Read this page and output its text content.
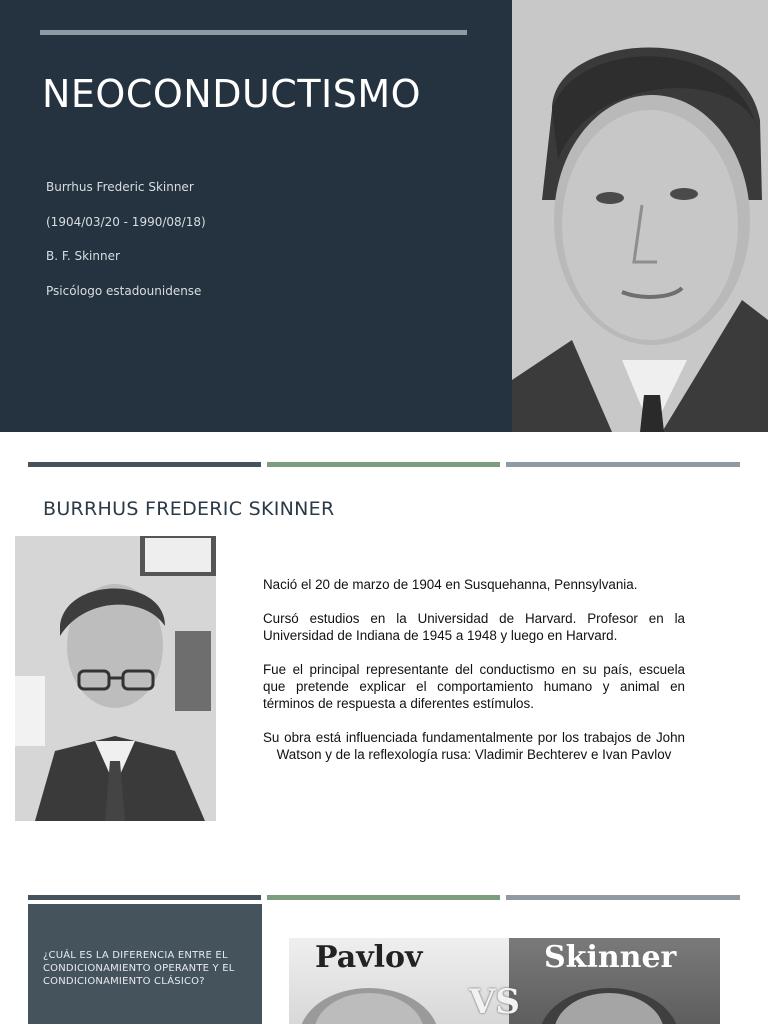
NEOCONDUCTISMO
Burrhus Frederic Skinner
(1904/03/20 - 1990/08/18)
B. F. Skinner
Psicólogo estadounidense
BURRHUS FREDERIC SKINNER

Nació el 20 de marzo de 1904 en Susquehanna, Pennsylvania.

Cursó estudios en la Universidad de Harvard. Profesor en la Universidad de Indiana de 1945 a 1948 y luego en Harvard.

Fue el principal representante del conductismo en su país, escuela que pretende explicar el comportamiento humano y animal en términos de respuesta a diferentes estímulos.

Su obra está influenciada fundamentalmente por los trabajos de John Watson y de la reflexología rusa: Vladimir Bechterev e Ivan Pavlov

¿CUÁL ES LA DIFERENCIA ENTRE EL CONDICIONAMIENTO OPERANTE Y EL CONDICIONAMIENTO CLÁSICO?
Pavlov	Skinner
VS
